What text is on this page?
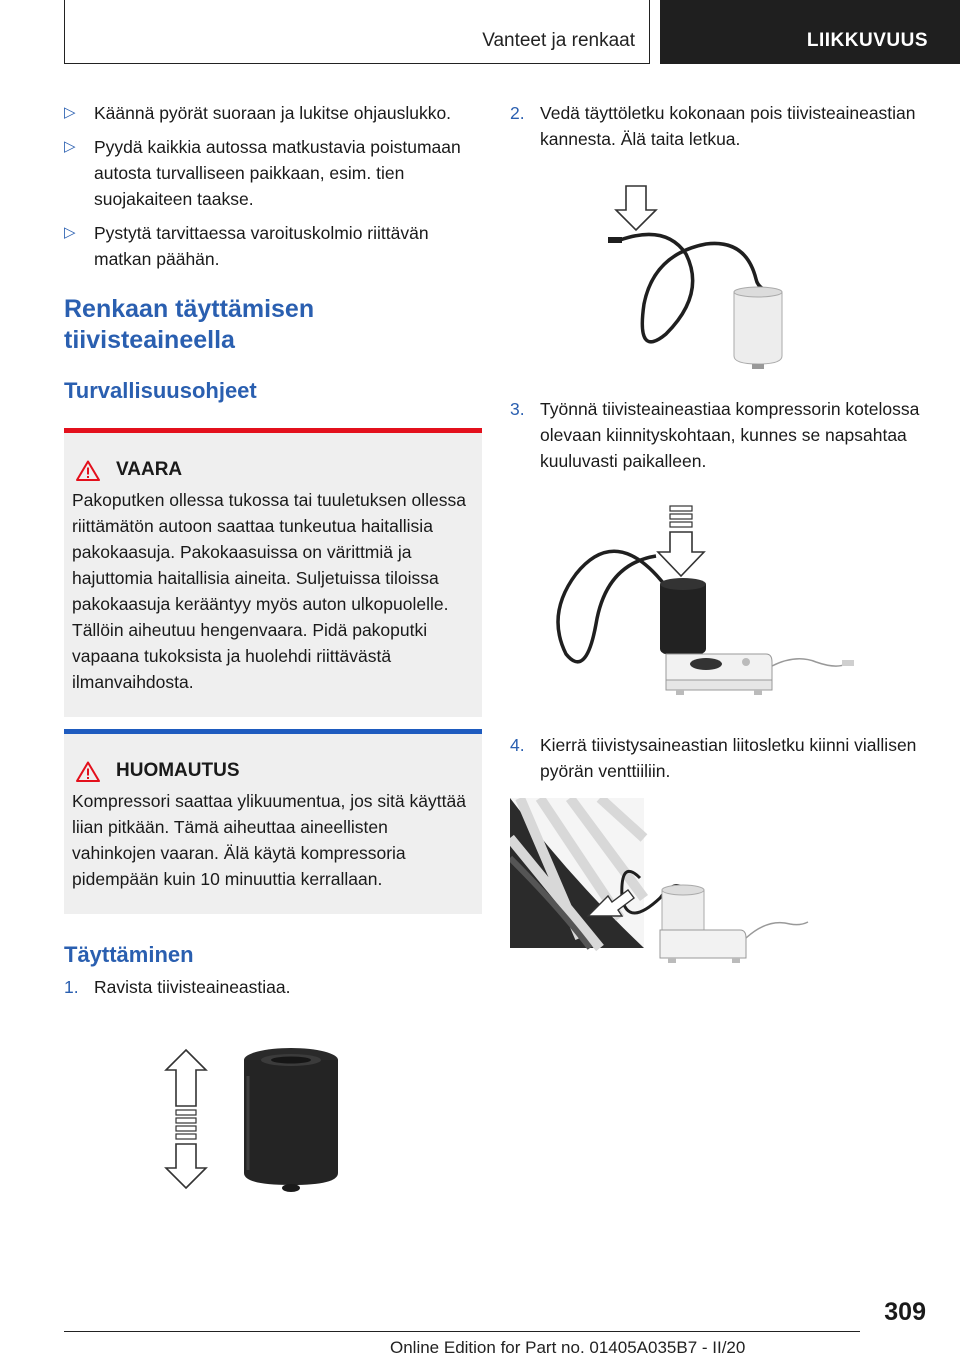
Vanteet ja renkaat	LIIKKUVUUS
▷ Käännä pyörät suoraan ja lukitse ohjauslukko.
▷ Pyydä kaikkia autossa matkustavia poistumaan autosta turvalliseen paikkaan, esim. tien suojakaiteen taakse.
▷ Pystytä tarvittaessa varoituskolmio riittävän matkan päähän.
Renkaan täyttämisen tiivisteaineella
Turvallisuusohjeet
VAARA
Pakoputken ollessa tukossa tai tuuletuksen ollessa riittämätön autoon saattaa tunkeutua haitallisia pakokaasuja. Pakokaasuissa on värittmiä ja hajuttomia haitallisia aineita. Suljetuissa tiloissa pakokaasuja kerääntyy myös auton ulkopuolelle. Tällöin aiheutuu hengenvaara. Pidä pakoputki vapaana tukoksista ja huolehdi riittävästä ilmanvaihdosta.
HUOMAUTUS
Kompressori saattaa ylikuumentua, jos sitä käyttää liian pitkään. Tämä aiheuttaa aineellisten vahinkojen vaaran. Älä käytä kompressoria pidempään kuin 10 minuuttia kerrallaan.
Täyttäminen
1. Ravista tiivisteaineastiaa.
2. Vedä täyttöletku kokonaan pois tiivisteaineastian kannesta. Älä taita letkua.
3. Työnnä tiivisteaineastiaa kompressorin kotelossa olevaan kiinnityskohtaan, kunnes se napsahtaa kuuluvasti paikalleen.
4. Kierrä tiivistysaineastian liitosletku kiinni viallisen pyörän venttiiliin.
309
Online Edition for Part no. 01405A035B7 - II/20
